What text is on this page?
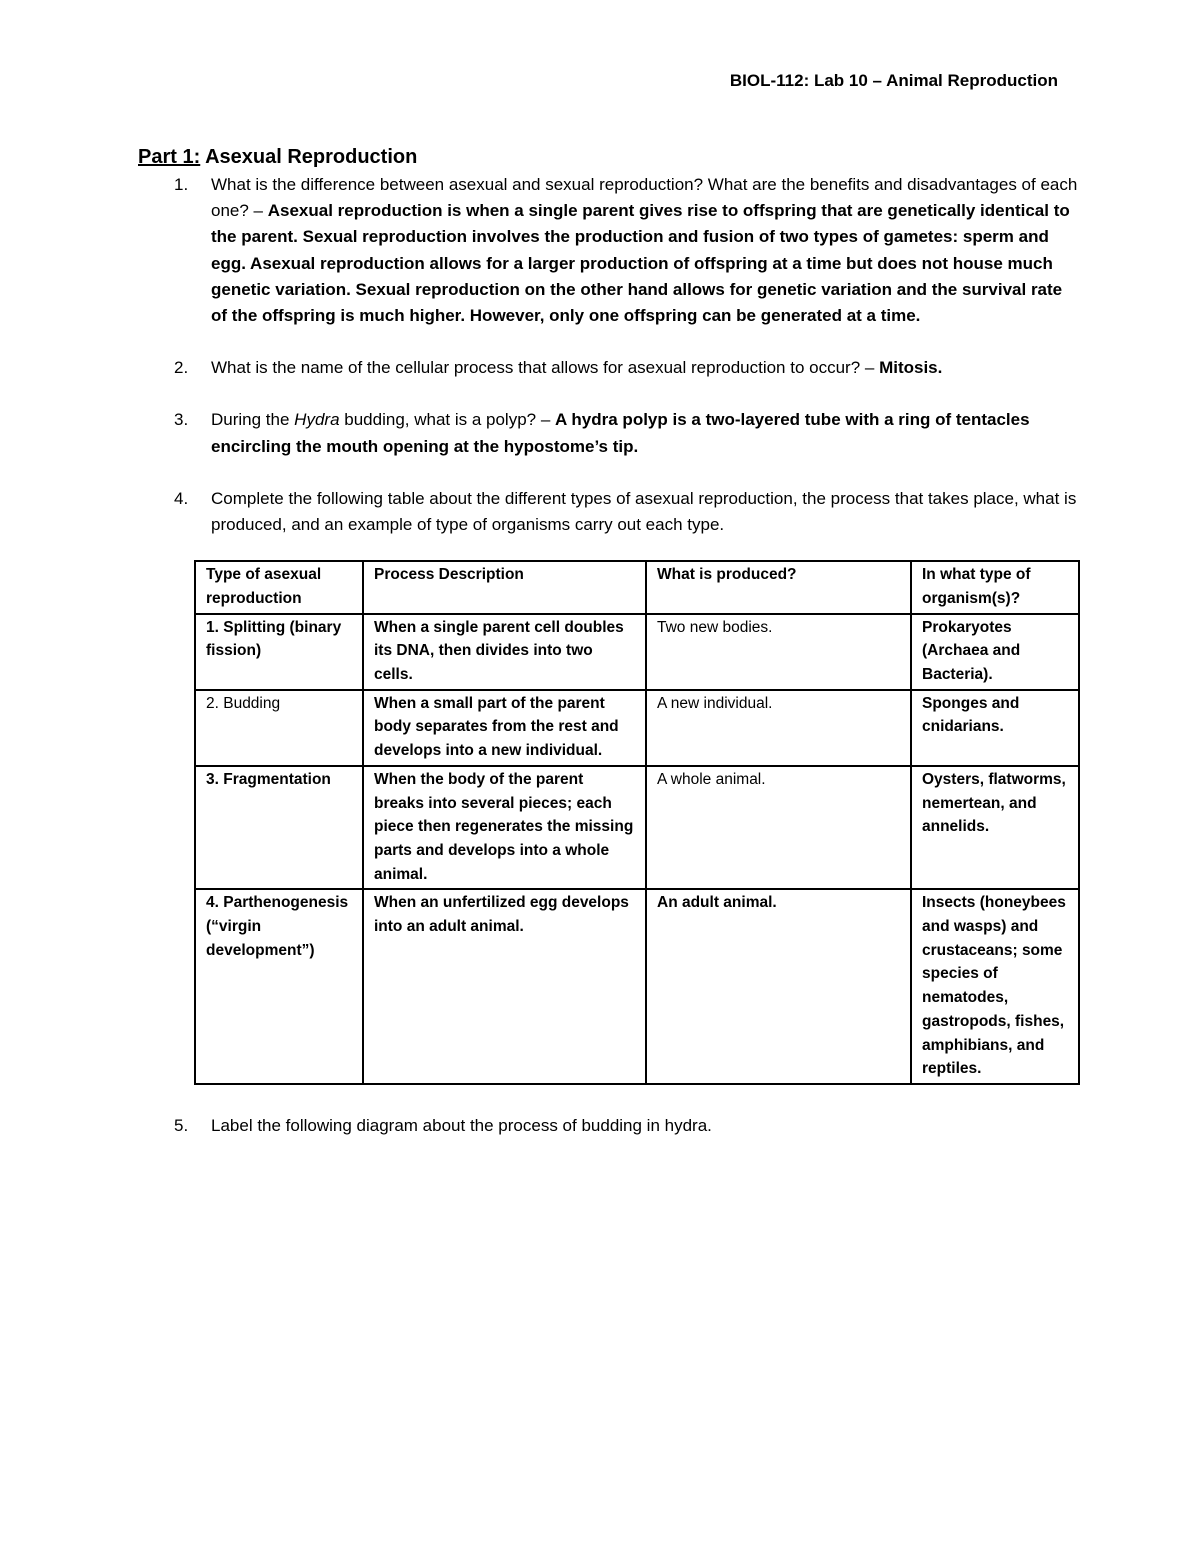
BIOL-112: Lab 10 – Animal Reproduction
Part 1: Asexual Reproduction
1. What is the difference between asexual and sexual reproduction? What are the benefits and disadvantages of each one? – Asexual reproduction is when a single parent gives rise to offspring that are genetically identical to the parent. Sexual reproduction involves the production and fusion of two types of gametes: sperm and egg. Asexual reproduction allows for a larger production of offspring at a time but does not house much genetic variation. Sexual reproduction on the other hand allows for genetic variation and the survival rate of the offspring is much higher. However, only one offspring can be generated at a time.
2. What is the name of the cellular process that allows for asexual reproduction to occur? – Mitosis.
3. During the Hydra budding, what is a polyp? – A hydra polyp is a two-layered tube with a ring of tentacles encircling the mouth opening at the hypostome’s tip.
4. Complete the following table about the different types of asexual reproduction, the process that takes place, what is produced, and an example of type of organisms carry out each type.
Type of asexual reproduction	Process Description	What is produced?	In what type of organism(s)?
1. Splitting (binary fission)	When a single parent cell doubles its DNA, then divides into two cells.	Two new bodies.	Prokaryotes (Archaea and Bacteria).
2. Budding	When a small part of the parent body separates from the rest and develops into a new individual.	A new individual.	Sponges and cnidarians.
3. Fragmentation	When the body of the parent breaks into several pieces; each piece then regenerates the missing parts and develops into a whole animal.	A whole animal.	Oysters, flatworms, nemertean, and annelids.
4. Parthenogenesis (“virgin development”)	When an unfertilized egg develops into an adult animal.	An adult animal.	Insects (honeybees and wasps) and crustaceans; some species of nematodes, gastropods, fishes, amphibians, and reptiles.
5. Label the following diagram about the process of budding in hydra.
